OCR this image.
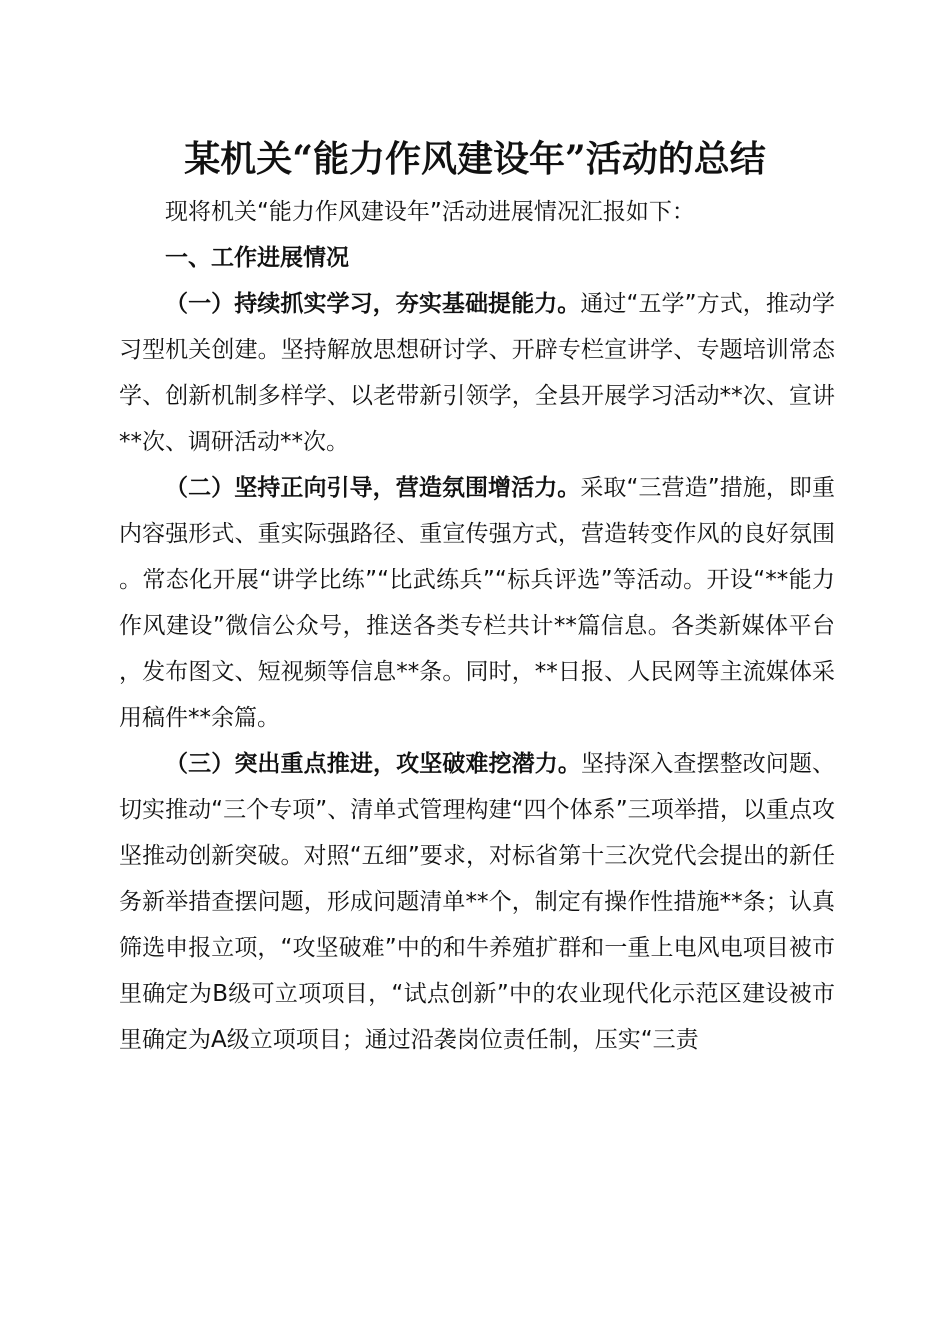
某机关“能力作风建设年”活动的总结

现将机关“能力作风建设年”活动进展情况汇报如下：

一、工作进展情况

（一）持续抓实学习，夯实基础提能力。通过“五学”方式，推动学习型机关创建。坚持解放思想研讨学、开辟专栏宣讲学、专题培训常态学、创新机制多样学、以老带新引领学，全县开展学习活动**次、宣讲**次、调研活动**次。

（二）坚持正向引导，营造氛围增活力。采取“三营造”措施，即重内容强形式、重实际强路径、重宣传强方式，营造转变作风的良好氛围。常态化开展“讲学比练”“比武练兵”“标兵评选”等活动。开设“**能力作风建设”微信公众号，推送各类专栏共计**篇信息。各类新媒体平台，发布图文、短视频等信息**条。同时，**日报、人民网等主流媒体采用稿件**余篇。

（三）突出重点推进，攻坚破难挖潜力。坚持深入查摆整改问题、切实推动“三个专项”、清单式管理构建“四个体系”三项举措，以重点攻坚推动创新突破。对照“五细”要求，对标省第十三次党代会提出的新任务新举措查摆问题，形成问题清单**个，制定有操作性措施**条；认真筛选申报立项，“攻坚破难”中的和牛养殖扩群和一重上电风电项目被市里确定为B级可立项项目，“试点创新”中的农业现代化示范区建设被市里确定为A级立项项目；通过沿袭岗位责任制，压实“三责
